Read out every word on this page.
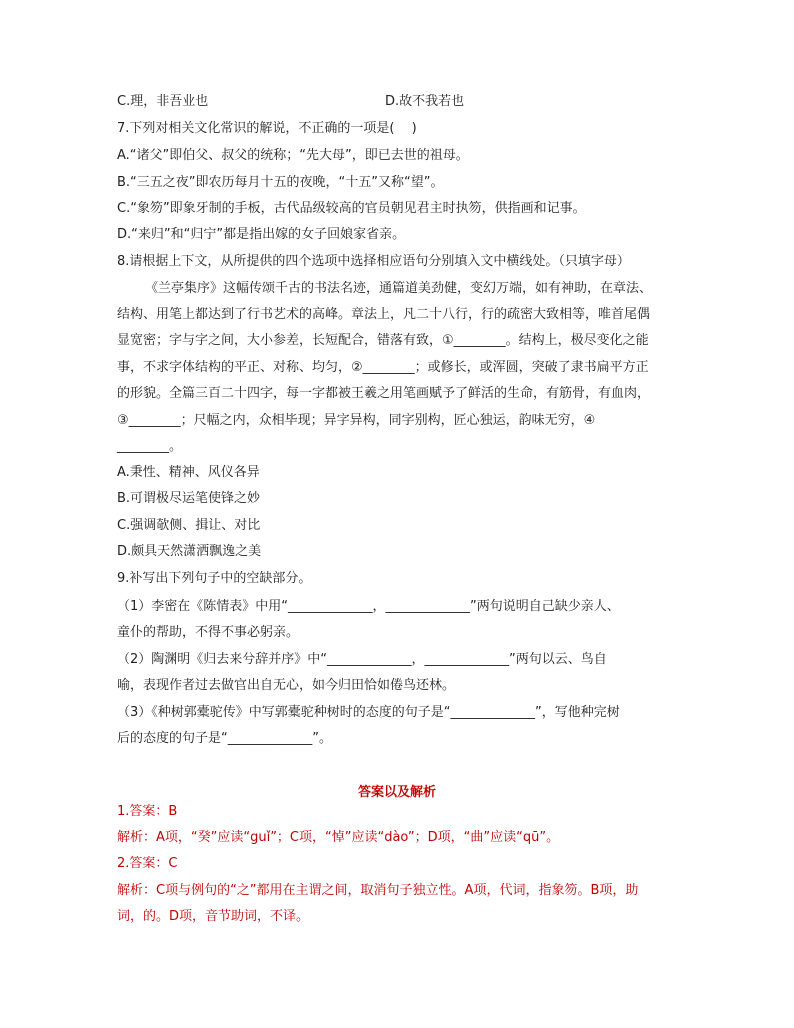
C.理，非吾业也	D.故不我若也
7.下列对相关文化常识的解说，不正确的一项是(　 )
A.“诸父”即伯父、叔父的统称；“先大母”，即已去世的祖母。
B.“三五之夜”即农历每月十五的夜晚，“十五”又称“望”。
C.“象笏”即象牙制的手板，古代品级较高的官员朝见君主时执笏，供指画和记事。
D.“来归”和“归宁”都是指出嫁的女子回娘家省亲。
8.请根据上下文，从所提供的四个选项中选择相应语句分别填入文中横线处。（只填字母）
《兰亭集序》这幅传颂千古的书法名迹，通篇道美劲健，变幻万端，如有神助，在章法、
结构、用笔上都达到了行书艺术的高峰。章法上，凡二十八行，行的疏密大致相等，唯首尾偶
显宽密；字与字之间，大小参差，长短配合，错落有致，①________。结构上，极尽变化之能
事，不求字体结构的平正、对称、均匀，②________；或修长，或浑圆，突破了隶书扁平方正
的形貌。全篇三百二十四字，每一字都被王羲之用笔画赋予了鲜活的生命，有筋骨，有血肉，
③________；尺幅之内，众相毕现；异字异构，同字别构，匠心独运，韵味无穷，④
________。
A.秉性、精神、风仪各异
B.可谓极尽运笔使锋之妙
C.强调欹侧、揖让、对比
D.颇具天然潇洒飘逸之美
9.补写出下列句子中的空缺部分。
（1）李密在《陈情表》中用“_____________，_____________”两句说明自己缺少亲人、
童仆的帮助，不得不事必躬亲。
（2）陶渊明《归去来兮辞并序》中“_____________，_____________”两句以云、鸟自
喻，表现作者过去做官出自无心，如今归田恰如倦鸟还林。
（3）《种树郭橐驼传》中写郭橐驼种树时的态度的句子是“_____________”，写他种完树
后的态度的句子是“_____________”。
答案以及解析
1.答案：B
解析：A项，“癸”应读“guǐ”；C项，“悼”应读“dào”；D项，“曲”应读“qū”。
2.答案：C
解析：C项与例句的“之”都用在主谓之间，取消句子独立性。A项，代词，指象笏。B项，助
词，的。D项，音节助词，不译。
